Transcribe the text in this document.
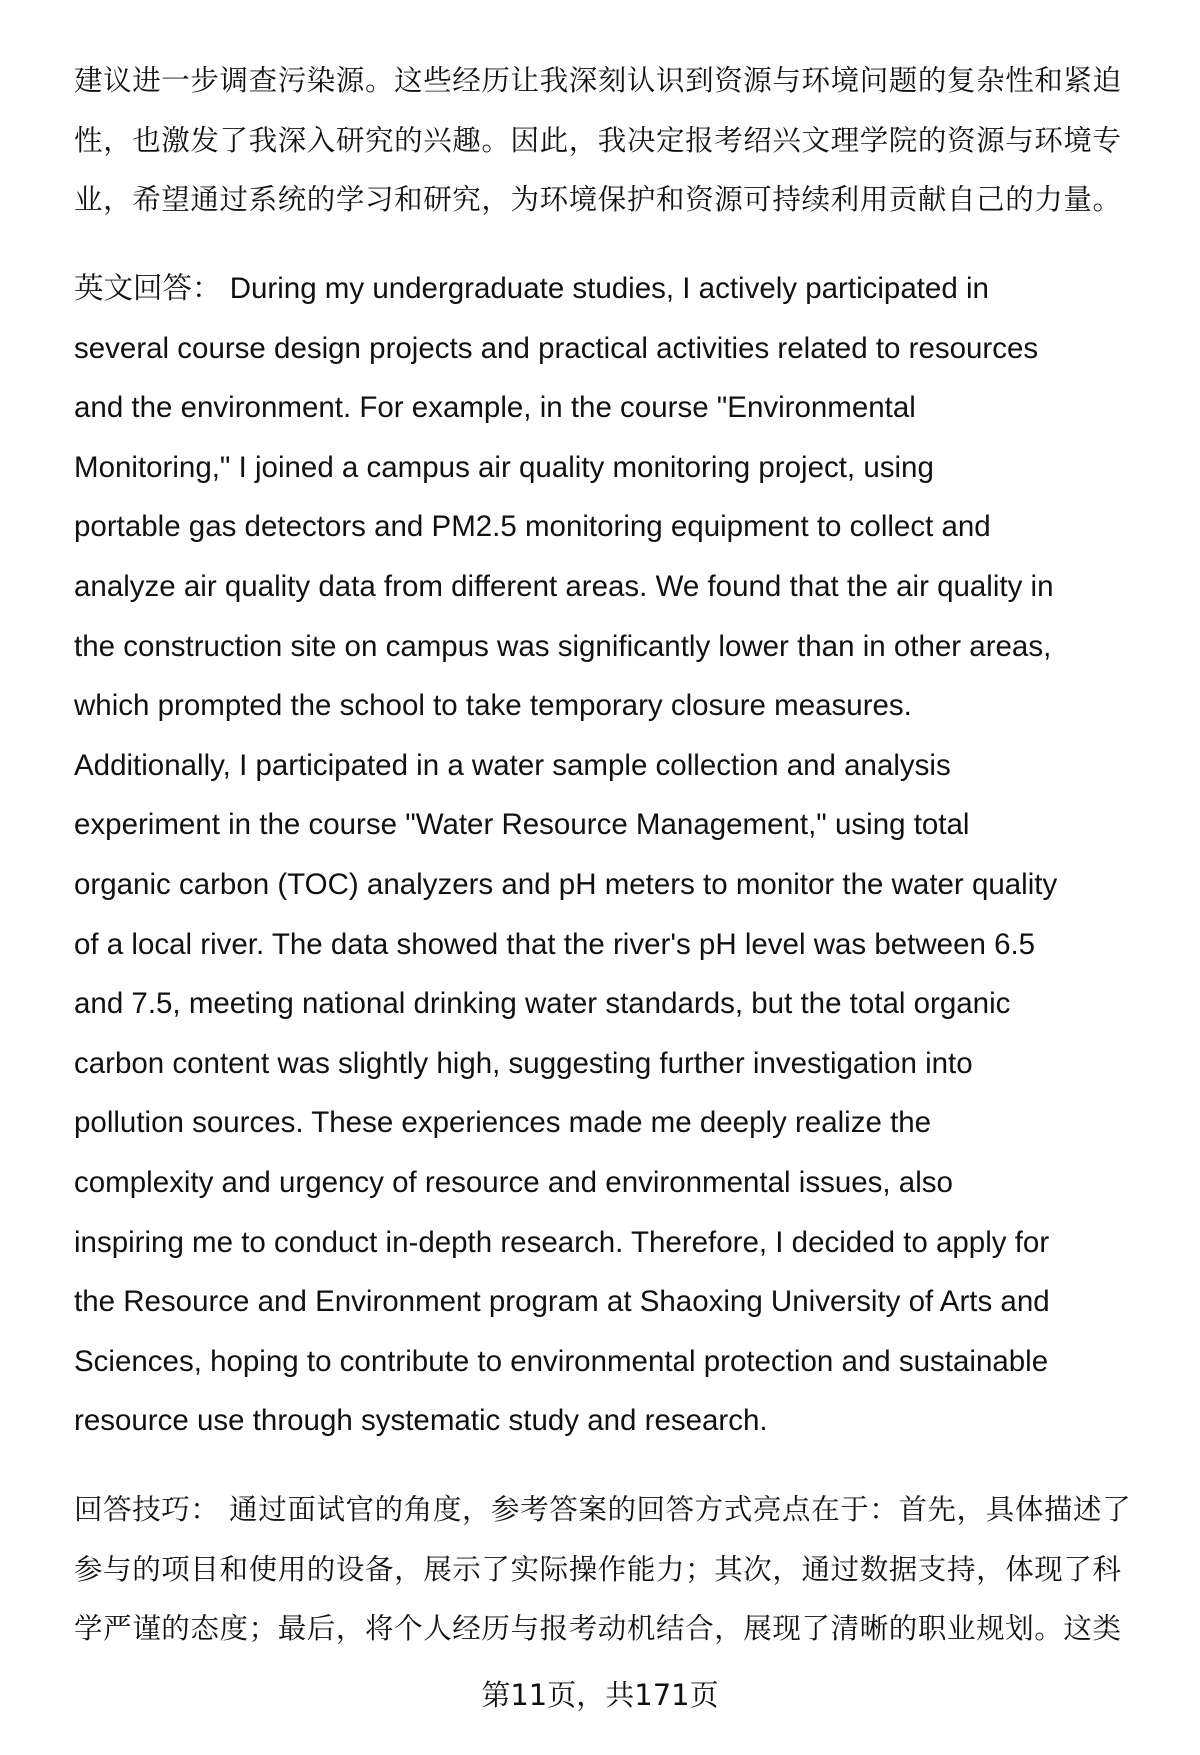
建议进一步调查污染源。这些经历让我深刻认识到资源与环境问题的复杂性和紧迫
性，也激发了我深入研究的兴趣。因此，我决定报考绍兴文理学院的资源与环境专
业，希望通过系统的学习和研究，为环境保护和资源可持续利用贡献自己的力量。
英文回答： During my undergraduate studies, I actively participated in
several course design projects and practical activities related to resources
and the environment. For example, in the course "Environmental
Monitoring," I joined a campus air quality monitoring project, using
portable gas detectors and PM2.5 monitoring equipment to collect and
analyze air quality data from different areas. We found that the air quality in
the construction site on campus was significantly lower than in other areas,
which prompted the school to take temporary closure measures.
Additionally, I participated in a water sample collection and analysis
experiment in the course "Water Resource Management," using total
organic carbon (TOC) analyzers and pH meters to monitor the water quality
of a local river. The data showed that the river's pH level was between 6.5
and 7.5, meeting national drinking water standards, but the total organic
carbon content was slightly high, suggesting further investigation into
pollution sources. These experiences made me deeply realize the
complexity and urgency of resource and environmental issues, also
inspiring me to conduct in-depth research. Therefore, I decided to apply for
the Resource and Environment program at Shaoxing University of Arts and
Sciences, hoping to contribute to environmental protection and sustainable
resource use through systematic study and research.
回答技巧： 通过面试官的角度，参考答案的回答方式亮点在于：首先，具体描述了
参与的项目和使用的设备，展示了实际操作能力；其次，通过数据支持，体现了科
学严谨的态度；最后，将个人经历与报考动机结合，展现了清晰的职业规划。这类
第11页，共171页
